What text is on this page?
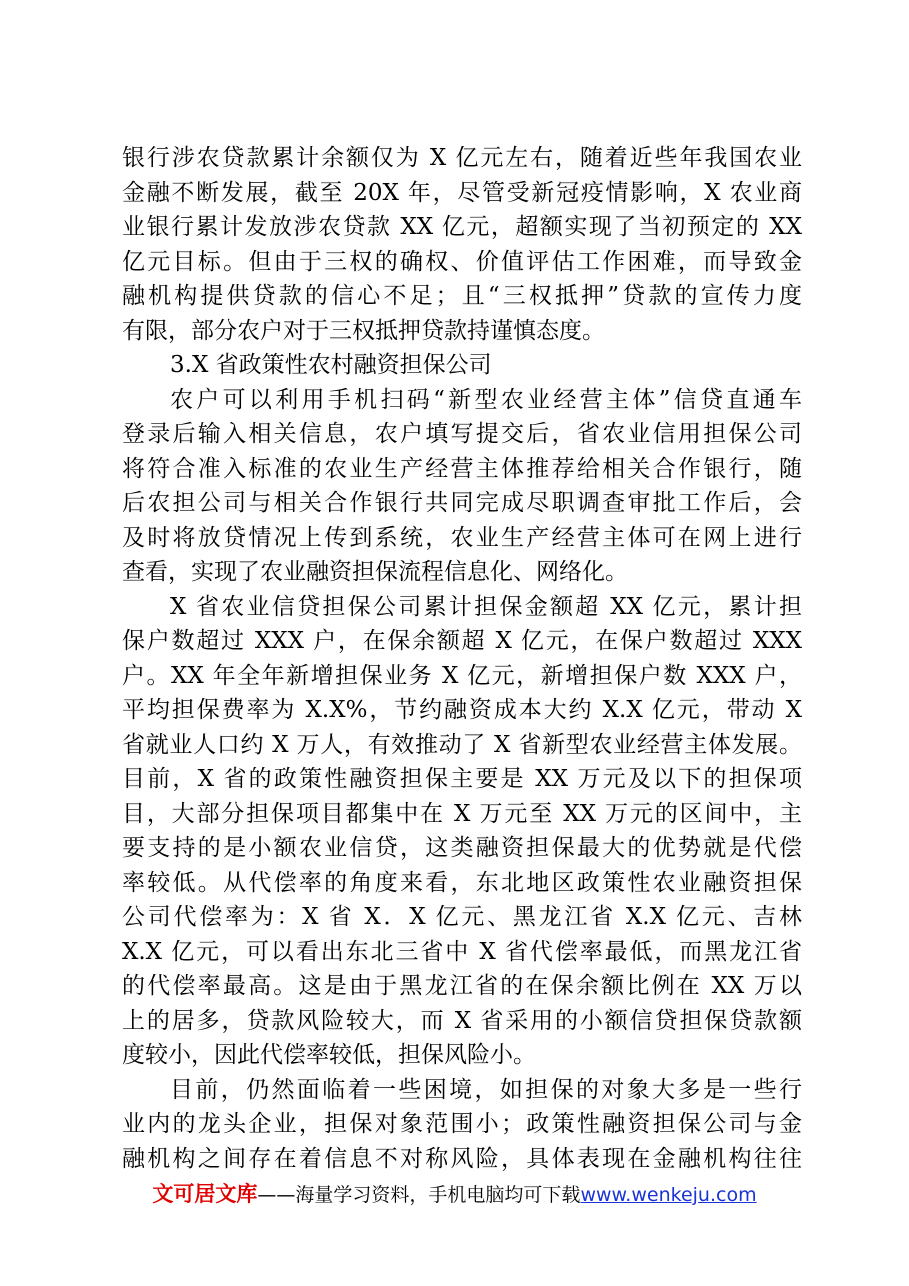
银行涉农贷款累计余额仅为 X 亿元左右，随着近些年我国农业
金融不断发展，截至 20X 年，尽管受新冠疫情影响，X 农业商
业银行累计发放涉农贷款 XX 亿元，超额实现了当初预定的 XX
亿元目标。但由于三权的确权、价值评估工作困难，而导致金
融机构提供贷款的信心不足；且“三权抵押”贷款的宣传力度
有限，部分农户对于三权抵押贷款持谨慎态度。
3.X 省政策性农村融资担保公司
农户可以利用手机扫码“新型农业经营主体”信贷直通车
登录后输入相关信息，农户填写提交后，省农业信用担保公司
将符合准入标准的农业生产经营主体推荐给相关合作银行，随
后农担公司与相关合作银行共同完成尽职调查审批工作后，会
及时将放贷情况上传到系统，农业生产经营主体可在网上进行
查看，实现了农业融资担保流程信息化、网络化。
X 省农业信贷担保公司累计担保金额超 XX 亿元，累计担
保户数超过 XXX 户，在保余额超 X 亿元，在保户数超过 XXX
户。XX 年全年新增担保业务 X 亿元，新增担保户数 XXX 户，
平均担保费率为 X.X%，节约融资成本大约 X.X 亿元，带动 X
省就业人口约 X 万人，有效推动了 X 省新型农业经营主体发展。
目前，X 省的政策性融资担保主要是 XX 万元及以下的担保项
目，大部分担保项目都集中在 X 万元至 XX 万元的区间中，主
要支持的是小额农业信贷，这类融资担保最大的优势就是代偿
率较低。从代偿率的角度来看，东北地区政策性农业融资担保
公司代偿率为：X 省 X．X 亿元、黑龙江省 X.X 亿元、吉林
X.X 亿元，可以看出东北三省中 X 省代偿率最低，而黑龙江省
的代偿率最高。这是由于黑龙江省的在保余额比例在 XX 万以
上的居多，贷款风险较大，而 X 省采用的小额信贷担保贷款额
度较小，因此代偿率较低，担保风险小。
目前，仍然面临着一些困境，如担保的对象大多是一些行
业内的龙头企业，担保对象范围小；政策性融资担保公司与金
融机构之间存在着信息不对称风险，具体表现在金融机构往往
文可居文库——海量学习资料，手机电脑均可下载www.wenkeju.com
